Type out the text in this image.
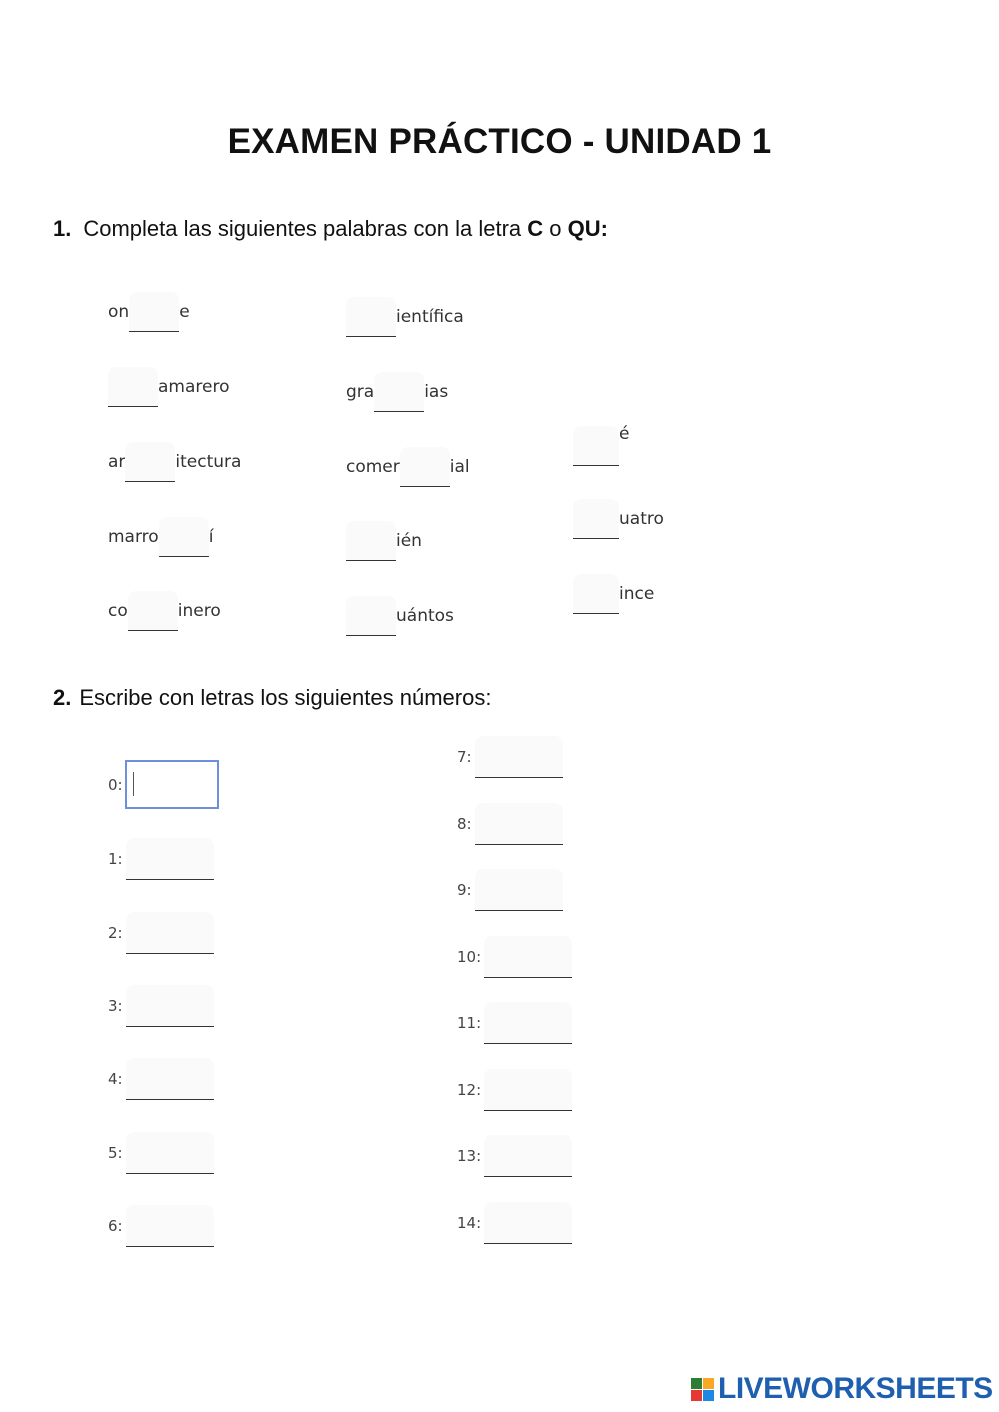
EXAMEN PRÁCTICO - UNIDAD 1
1. Completa las siguientes palabras con la letra C o QU:
on	e
amarero
ar	itectura
marro	í
co	inero
ientífica
gra	ias
comer	ial
ién
uántos
é
uatro
ince
2. Escribe con letras los siguientes números:
0:
1:
2:
3:
4:
5:
6:
7:
8:
9:
10:
11:
12:
13:
14:
LIVEWORKSHEETS
